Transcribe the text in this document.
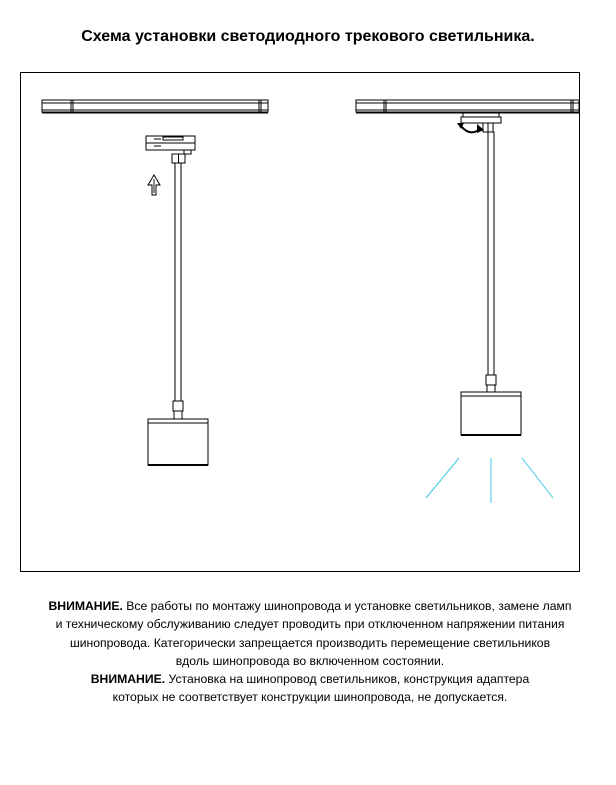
Схема установки светодиодного трекового светильника.

ВНИМАНИЕ. Все работы по монтажу шинопровода и установке светильников, замене ламп
и техническому обслуживанию следует проводить при отключенном напряжении питания
шинопровода. Категорически запрещается производить перемещение светильников
вдоль шинопровода во включенном состоянии.

ВНИМАНИЕ. Установка на шинопровод светильников, конструкция адаптера
которых не соответствует конструкции шинопровода, не допускается.
